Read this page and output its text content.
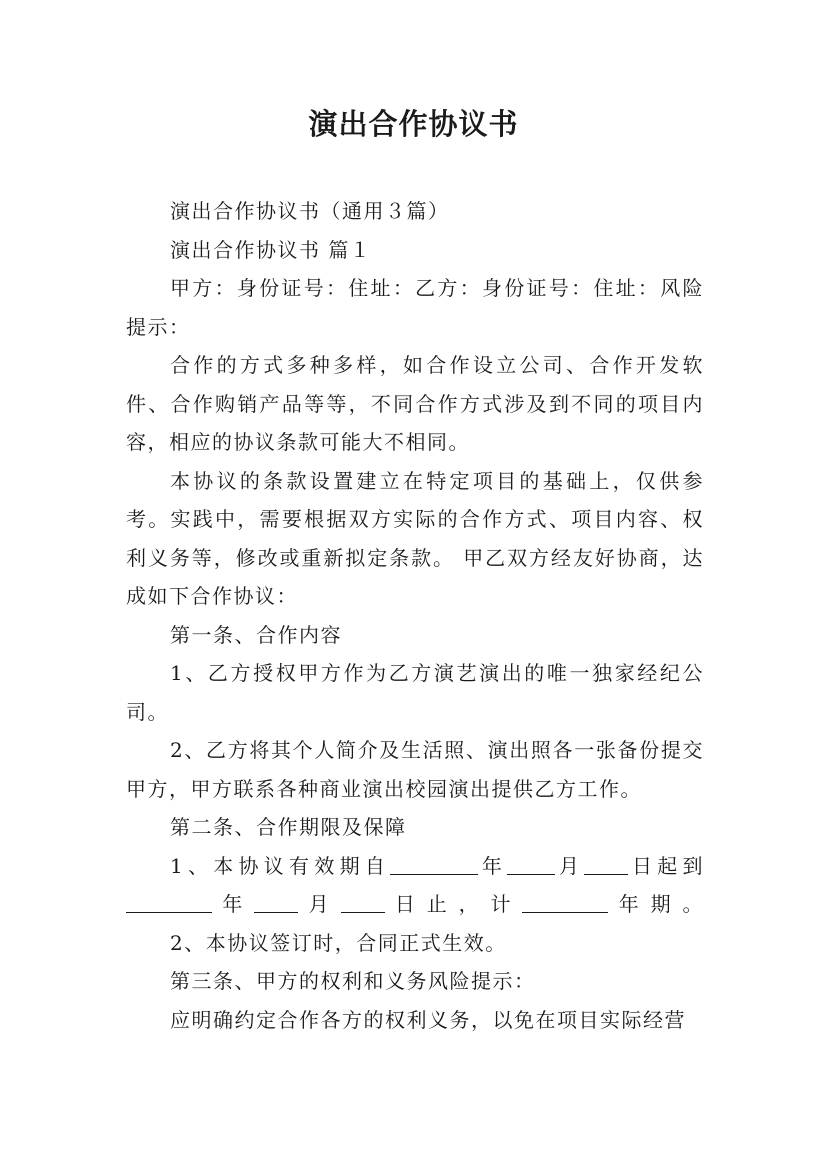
演出合作协议书

演出合作协议书（通用３篇）

演出合作协议书 篇１

甲方：身份证号：住址：乙方：身份证号：住址：风险提示：

合作的方式多种多样，如合作设立公司、合作开发软件、合作购销产品等等，不同合作方式涉及到不同的项目内容，相应的协议条款可能大不相同。

本协议的条款设置建立在特定项目的基础上，仅供参考。实践中，需要根据双方实际的合作方式、项目内容、权利义务等，修改或重新拟定条款。 甲乙双方经友好协商，达成如下合作协议：

第一条、合作内容

1、乙方授权甲方作为乙方演艺演出的唯一独家经纪公司。

2、乙方将其个人简介及生活照、演出照各一张备份提交甲方，甲方联系各种商业演出校园演出提供乙方工作。

第二条、合作期限及保障

1、本协议有效期自	年 月 日起到年 月 日止，计	年期。

2、本协议签订时，合同正式生效。

第三条、甲方的权利和义务风险提示：

应明确约定合作各方的权利义务，以免在项目实际经营
